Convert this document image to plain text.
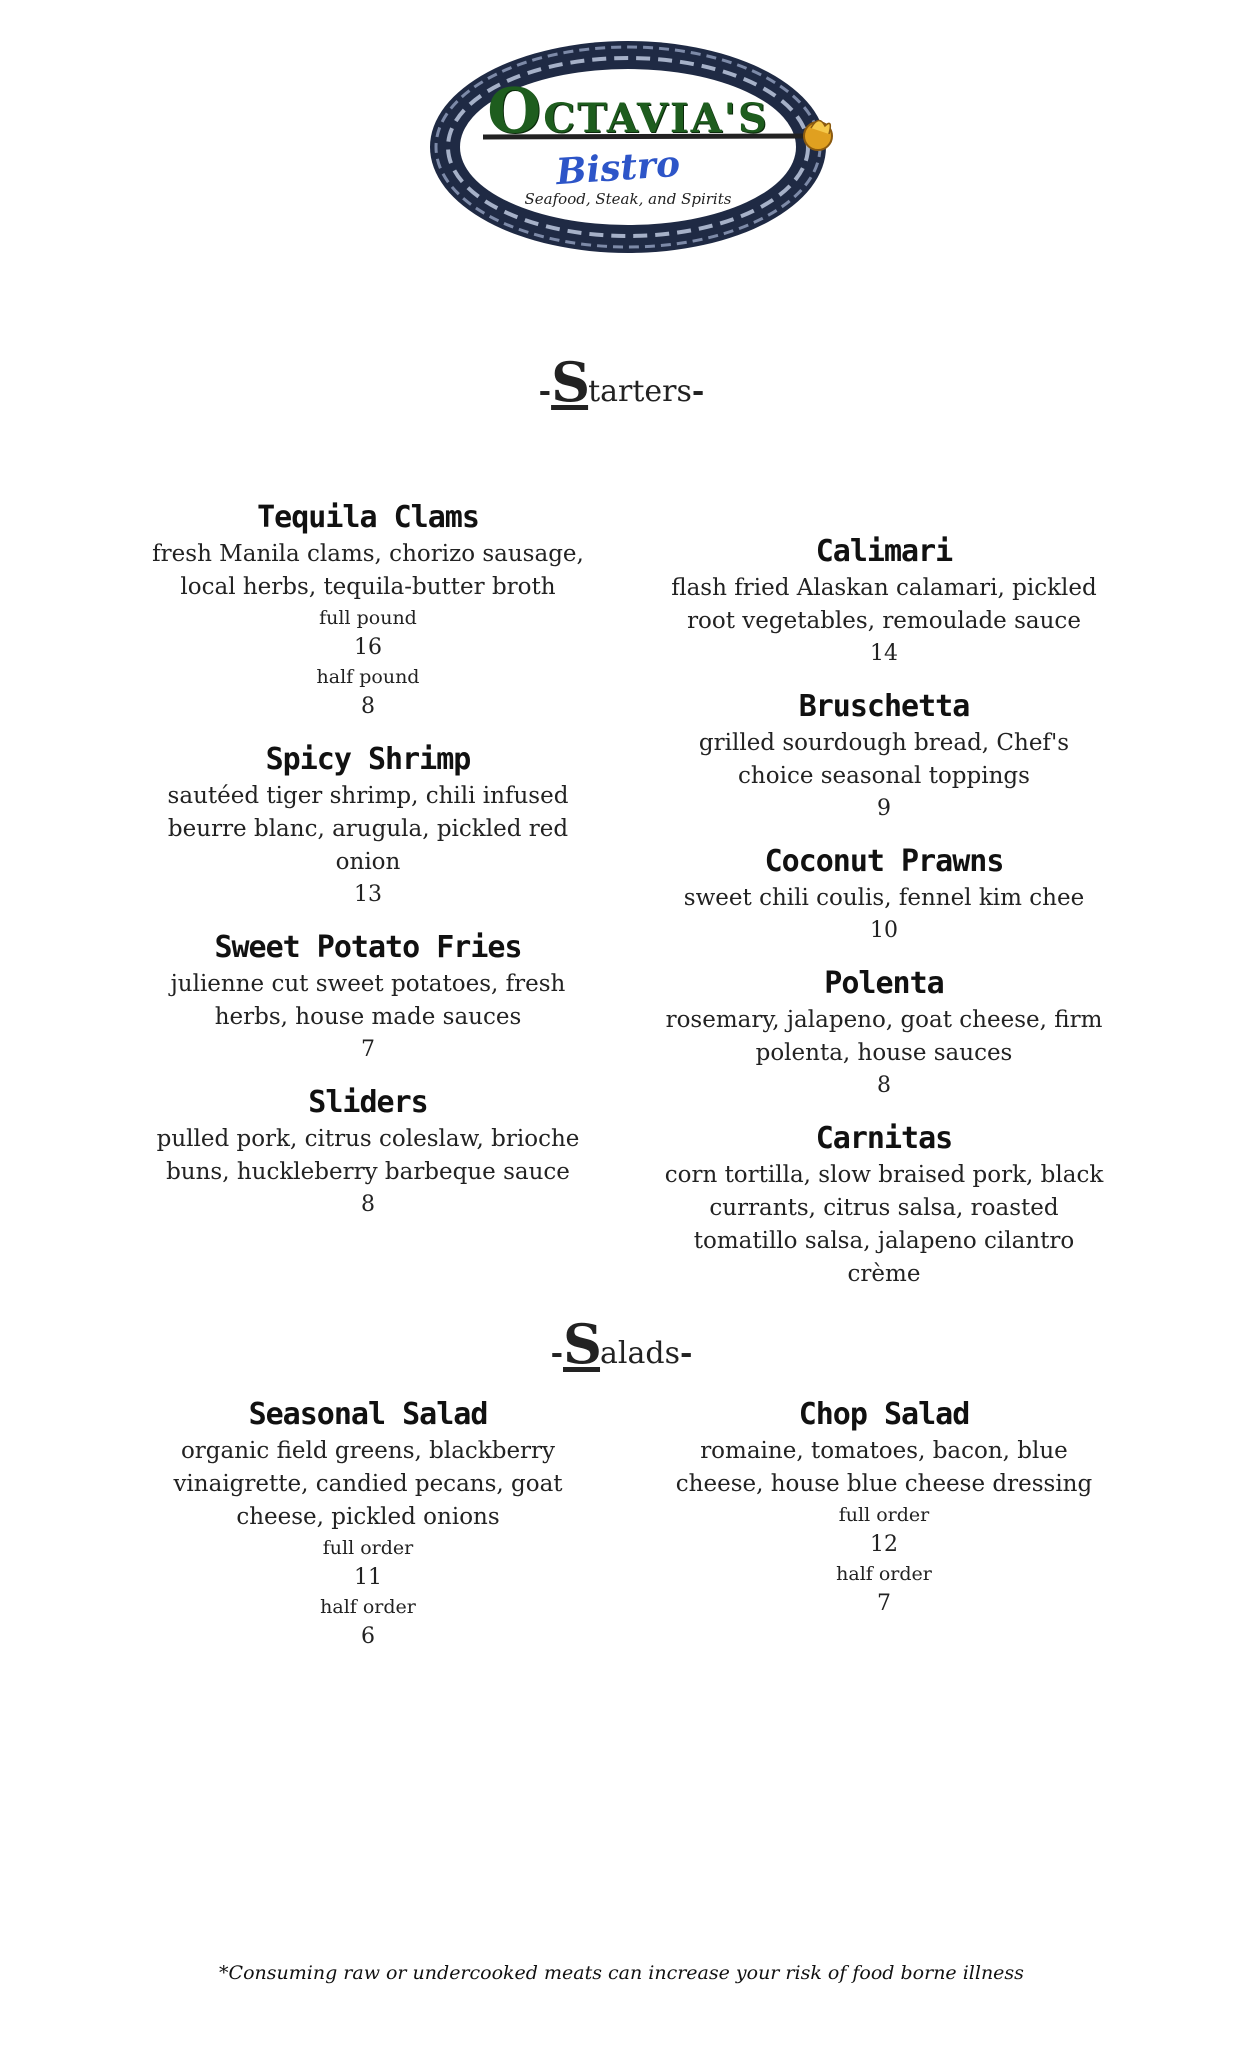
OCTAVIA'S
Bistro
Seafood, Steak, and Spirits
-Starters-
Tequila Clams
fresh Manila clams, chorizo sausage, local herbs, tequila-butter broth
full pound
16
half pound
8
Spicy Shrimp
sautéed tiger shrimp, chili infused beurre blanc, arugula, pickled red onion
13
Sweet Potato Fries
julienne cut sweet potatoes, fresh herbs, house made sauces
7
Sliders
pulled pork, citrus coleslaw, brioche buns, huckleberry barbeque sauce
8
Calimari
flash fried Alaskan calamari, pickled root vegetables, remoulade sauce
14
Bruschetta
grilled sourdough bread, Chef's choice seasonal toppings
9
Coconut Prawns
sweet chili coulis, fennel kim chee
10
Polenta
rosemary, jalapeno, goat cheese, firm polenta, house sauces
8
Carnitas
corn tortilla, slow braised pork, black currants, citrus salsa, roasted tomatillo salsa, jalapeno cilantro crème
-Salads-
Seasonal Salad
organic field greens, blackberry vinaigrette, candied pecans, goat cheese, pickled onions
full order
11
half order
6
Chop Salad
romaine, tomatoes, bacon, blue cheese, house blue cheese dressing
full order
12
half order
7
*Consuming raw or undercooked meats can increase your risk of food borne illness
